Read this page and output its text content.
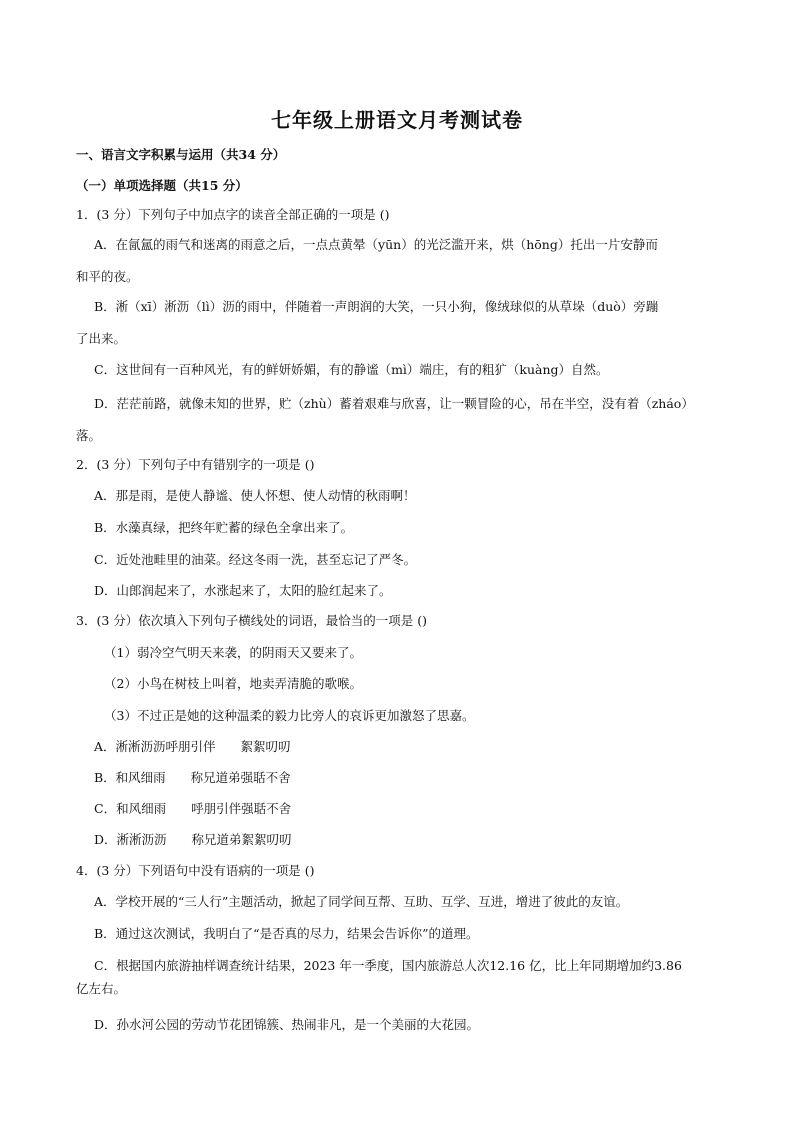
七年级上册语文月考测试卷
一、语言文字积累与运用（共34 分）
（一）单项选择题（共15 分）
1．(3 分）下列句子中加点字的读音全部正确的一项是 ()
A．在氤氲的雨气和迷离的雨意之后，一点点黄晕（yūn）的光泛滥开来，烘（hōng）托出一片安静而
和平的夜。
B．淅（xī）淅沥（lì）沥的雨中，伴随着一声朗润的大笑，一只小狗，像绒球似的从草垛（duò）旁蹦
了出来。
C．这世间有一百种风光，有的鲜妍娇媚，有的静谧（mì）端庄，有的粗犷（kuàng）自然。
D．茫茫前路，就像未知的世界，贮（zhù）蓄着艰难与欣喜，让一颗冒险的心，吊在半空，没有着（zháo）
落。
2．(3 分）下列句子中有错别字的一项是 ()
A．那是雨，是使人静谧、使人怀想、使人动情的秋雨啊！
B．水藻真绿，把终年贮蓄的绿色全拿出来了。
C．近处池畦里的油菜。经这冬雨一洗，甚至忘记了严冬。
D．山郎润起来了，水涨起来了，太阳的脸红起来了。
3．(3 分）依次填入下列句子横线处的词语，最恰当的一项是 ()
（1）弱冷空气明天来袭，的阴雨天又要来了。
（2）小鸟在树枝上叫着，地卖弄清脆的歌喉。
（3）不过正是她的这种温柔的毅力比旁人的哀诉更加激怒了思嘉。
A．淅淅沥沥呼朋引伴　　絮絮叨叨
B．和风细雨　　称兄道弟强聒不舍
C．和风细雨　　呼朋引伴强聒不舍
D．淅淅沥沥　　称兄道弟絮絮叨叨
4．(3 分）下列语句中没有语病的一项是 ()
A．学校开展的“三人行”主题活动，掀起了同学间互帮、互助、互学、互进，增进了彼此的友谊。
B．通过这次测试，我明白了“是否真的尽力，结果会告诉你”的道理。
C．根据国内旅游抽样调查统计结果，2023 年一季度，国内旅游总人次12.16 亿，比上年同期增加约3.86
亿左右。
D．孙水河公园的劳动节花团锦簇、热闹非凡，是一个美丽的大花园。
